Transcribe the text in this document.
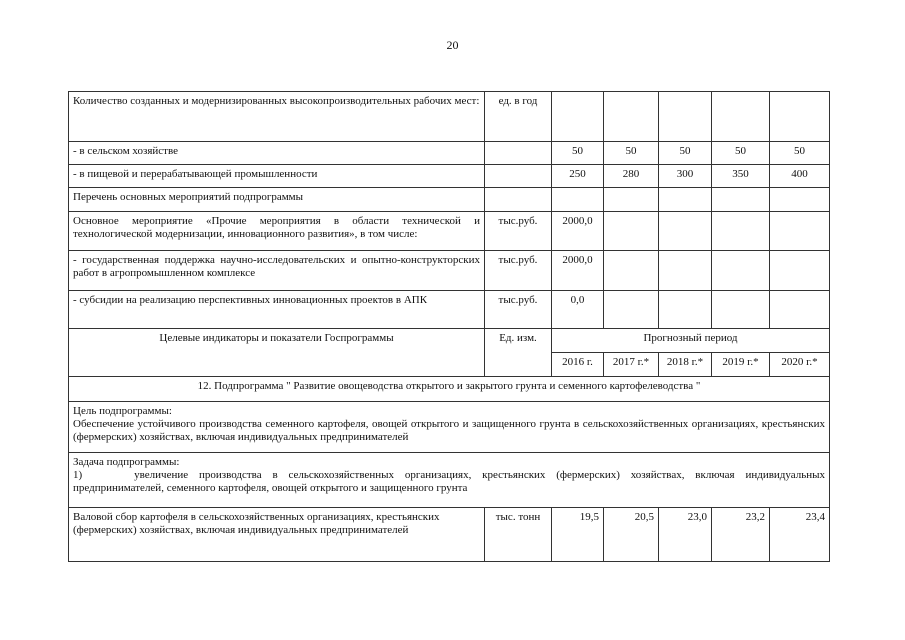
20
Количество созданных и модернизированных высокопроизводительных рабочих мест:	ед. в год					
- в сельском хозяйстве		50	50	50	50	50
- в пищевой и перерабатывающей промышленности		250	280	300	350	400
Перечень основных мероприятий подпрограммы						
Основное мероприятие «Прочие мероприятия в области технической и технологической модернизации, инновационного развития», в том числе:	тыс.руб.	2000,0				
- государственная поддержка научно-исследовательских и опытно-конструкторских работ в агропромышленном комплексе	тыс.руб.	2000,0				
- субсидии на реализацию перспективных инновационных проектов в АПК	тыс.руб.	0,0				
Целевые индикаторы и показатели Госпрограммы	Ед. изм.	Прогнозный период				
		2016 г.	2017 г.*	2018 г.*	2019 г.*	2020 г.*
12. Подпрограмма " Развитие овощеводства открытого и закрытого грунта и семенного картофелеводства "						

Цель подпрограммы:
Обеспечение устойчивого производства семенного картофеля, овощей открытого и защищенного грунта в сельскохозяйственных организациях, крестьянских (фермерских) хозяйствах, включая индивидуальных предпринимателей						

Задача подпрограммы:
1) увеличение производства в сельскохозяйственных организациях, крестьянских (фермерских) хозяйствах, включая индивидуальных предпринимателей, семенного картофеля, овощей открытого и защищенного грунта						

Валовой сбор картофеля в сельскохозяйственных организациях, крестьянских (фермерских) хозяйствах, включая индивидуальных предпринимателей	тыс. тонн	19,5	20,5	23,0	23,2	23,4
